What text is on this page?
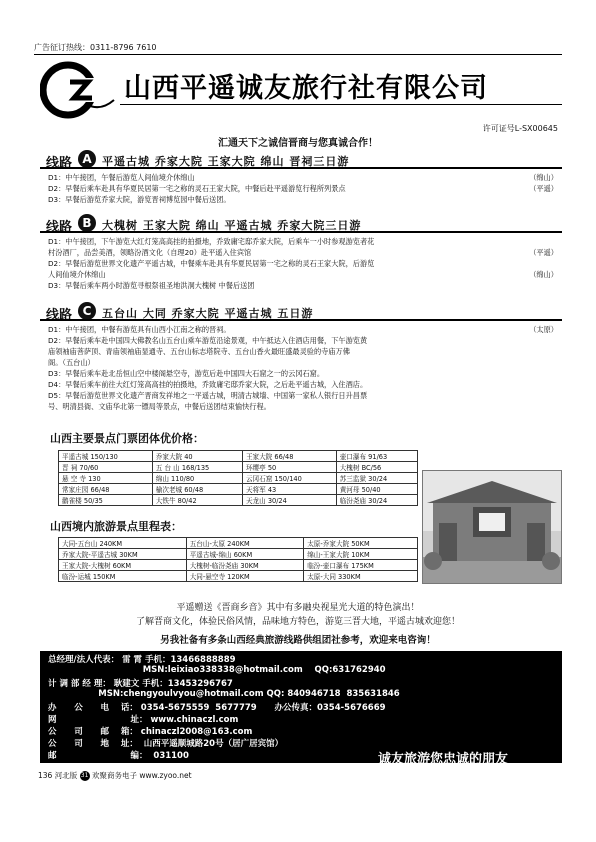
广告征订热线：0311-8796 7610
山西平遥诚友旅行社有限公司
许可证号L-SX00645
汇通天下之诚信晋商与您真诚合作！
线路 A 平遥古城 乔家大院 王家大院 绵山 晋祠三日游
D1：中午接团，午餐后游览人间仙境介休绵山	（绵山）
D2：早餐后乘车赴具有华夏民居第一宅之称的灵石王家大院，中餐后赴平遥游览行程所列景点	（平遥）
D3：早餐后游览乔家大院，游览晋祠博览园中餐后送团。
线路 B 大槐树 王家大院 绵山 平遥古城 乔家大院三日游
D1：中午接团，下午游览大红灯笼高高挂的拍摄地，乔致庸宅邸乔家大院，后乘车一小时参观游览者花
村汾酒厂，品尝美酒，领略汾酒文化（自理20）赴平遥入住宾馆	（平遥）
D2：早餐后游览世界文化遗产平遥古城，中餐乘车赴具有华夏民居第一宅之称的灵石王家大院，后游览
人间仙境介休绵山	（绵山）
D3：早餐后乘车两小时游览寻根祭祖圣地洪洞大槐树 中餐后送团
线路 C 五台山 大同 乔家大院 平遥古城 五日游
D1：中午接团，中餐有游览具有山西小江南之称的晋祠。	（太原）
D2：早餐后乘车赴中国四大佛教名山五台山乘车游览沿途景观，中午抵达入住酒店用餐，下午游览黄
庙领袖庙菩萨顶、青庙领袖庙显通寺、五台山标志塔院寺、五台山香火最旺盛最灵验的寺庙万佛
阁。（五台山）
D3：早餐后乘车赴北岳恒山空中楼阁悬空寺，游览后赴中国四大石窟之一的云冈石窟。
D4：早餐后乘车前往大红灯笼高高挂的拍摄地，乔致庸宅邸乔家大院，之后赴平遥古城，入住酒店。
D5：早餐后游览世界文化遗产晋商发祥地之一平遥古城，明清古城墙、中国第一家私人银行日升昌票
号、明清县衙、文庙华北第一镖局等景点，中餐后送团结束愉快行程。
山西主要景点门票团体优价格：
平遥古城 150/130	乔家大院 40	王家大院 66/48	壶口瀑布 91/63
晋 祠 70/60	五 台 山 168/135	环缨亭 50	大槐树 BC/56
悬 空 寺 130	绵山 110/80	云冈石窟 150/140	苏三监狱 30/24
常家庄园 66/48	榆次老城 60/48	天将军 43	黄河母 50/40
鹳雀楼 50/35	大铁牛 80/42	天龙山 30/24	临汾尧庙 30/24
山西境内旅游景点里程表：
大同-五台山 240KM	五台山-太原 240KM	太原-乔家大院 50KM
乔家大院-平遥古城 30KM	平遥古城-绵山 60KM	绵山-王家大院 10KM
王家大院-大槐树 60KM	大槐树-临汾尧庙 30KM	临汾-壶口瀑布 175KM
临汾-运城 150KM	大同-悬空寺 120KM	太原-大同 330KM
平遥赠送《晋商乡音》其中有多融央视星光大道的特色演出！
了解晋商文化，体验民俗风情，品味地方特色，游览三晋大地，平遥古城欢迎您！
另我社备有多条山西经典旅游线路供组团社参考，欢迎来电咨询！
总经理/法人代表： 雷 霄 手机：13466888889
MSN:leixiao338338@hotmail.com    QQ:631762940
计 调 部 经 理： 耿建文 手机：13453296767
MSN:chengyoulvyou@hotmail.com QQ: 840946718  835631846
办      公      电    话： 0354-5675559  5677779      办公传真：0354-5676669
网                         址： www.chinaczl.com
公      司      邮    箱： chinaczl2008@163.com
公      司      地    址：  山西平遥顺城路20号（居广居宾馆）
邮                         编：  031100	诚友旅游您忠诚的朋友
136 河北版 31 欢聚商务电子 www.zyoo.net
